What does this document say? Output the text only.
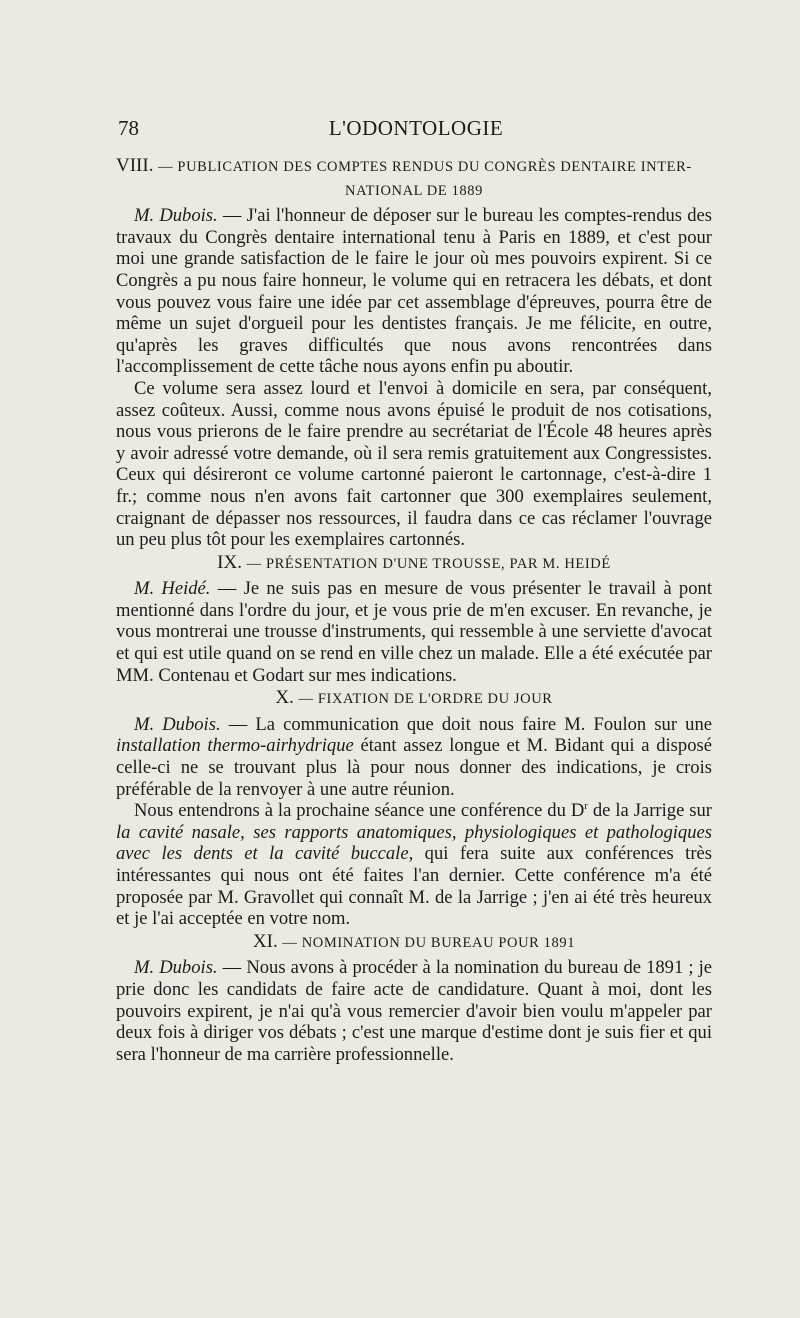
78	L'ODONTOLOGIE
VIII. — PUBLICATION DES COMPTES RENDUS DU CONGRÈS DENTAIRE INTER-
NATIONAL DE 1889

M. Dubois. — J'ai l'honneur de déposer sur le bureau les comptes-rendus des travaux du Congrès dentaire international tenu à Paris en 1889, et c'est pour moi une grande satisfaction de le faire le jour où mes pouvoirs expirent. Si ce Congrès a pu nous faire honneur, le volume qui en retracera les débats, et dont vous pouvez vous faire une idée par cet assemblage d'épreuves, pourra être de même un sujet d'orgueil pour les dentistes français. Je me félicite, en outre, qu'après les graves difficultés que nous avons rencontrées dans l'accomplissement de cette tâche nous ayons enfin pu aboutir.

Ce volume sera assez lourd et l'envoi à domicile en sera, par conséquent, assez coûteux. Aussi, comme nous avons épuisé le produit de nos cotisations, nous vous prierons de le faire prendre au secrétariat de l'École 48 heures après y avoir adressé votre demande, où il sera remis gratuitement aux Congressistes. Ceux qui désireront ce volume cartonné paieront le cartonnage, c'est-à-dire 1 fr.; comme nous n'en avons fait cartonner que 300 exemplaires seulement, craignant de dépasser nos ressources, il faudra dans ce cas réclamer l'ouvrage un peu plus tôt pour les exemplaires cartonnés.

IX. — PRÉSENTATION D'UNE TROUSSE, PAR M. HEIDÉ

M. Heidé. — Je ne suis pas en mesure de vous présenter le travail à pont mentionné dans l'ordre du jour, et je vous prie de m'en excuser. En revanche, je vous montrerai une trousse d'instruments, qui ressemble à une serviette d'avocat et qui est utile quand on se rend en ville chez un malade. Elle a été exécutée par MM. Contenau et Godart sur mes indications.

X. — FIXATION DE L'ORDRE DU JOUR

M. Dubois. — La communication que doit nous faire M. Foulon sur une installation thermo-airhydrique étant assez longue et M. Bidant qui a disposé celle-ci ne se trouvant plus là pour nous donner des indications, je crois préférable de la renvoyer à une autre réunion.

Nous entendrons à la prochaine séance une conférence du $D^r$ de la Jarrige sur la cavité nasale, ses rapports anatomiques, physiologiques et pathologiques avec les dents et la cavité buccale, qui fera suite aux conférences très intéressantes qui nous ont été faites l'an dernier. Cette conférence m'a été proposée par M. Gravollet qui connaît M. de la Jarrige ; j'en ai été très heureux et je l'ai acceptée en votre nom.

XI. — NOMINATION DU BUREAU POUR 1891

M. Dubois. — Nous avons à procéder à la nomination du bureau de 1891 ; je prie donc les candidats de faire acte de candidature. Quant à moi, dont les pouvoirs expirent, je n'ai qu'à vous remercier d'avoir bien voulu m'appeler par deux fois à diriger vos débats ; c'est une marque d'estime dont je suis fier et qui sera l'honneur de ma carrière professionnelle.
